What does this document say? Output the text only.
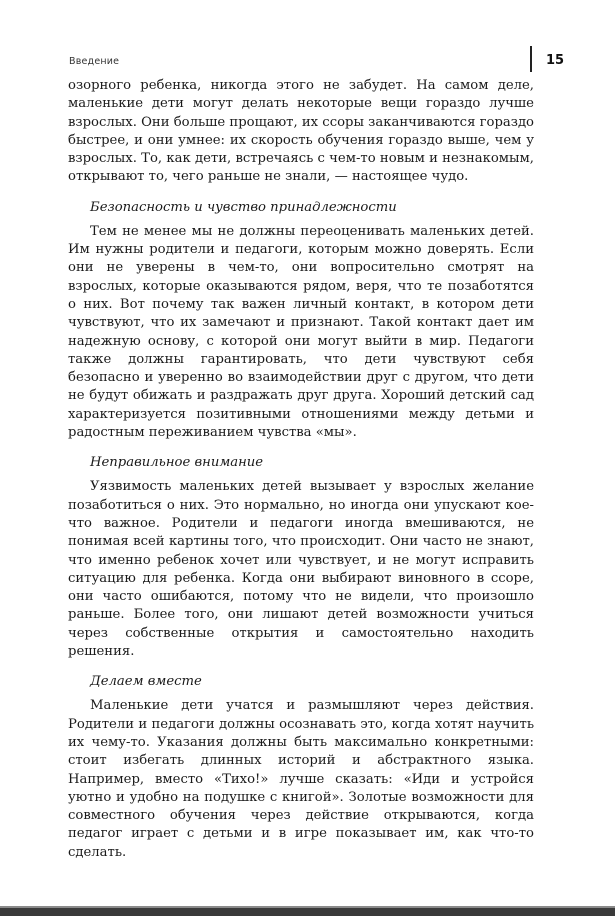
Введение	15

озорного ребенка, никогда этого не забудет. На самом деле, маленькие дети могут делать некоторые вещи гораздо лучше взрослых. Они больше прощают, их ссоры заканчиваются гораздо быстрее, и они умнее: их скорость обучения гораздо выше, чем у взрослых. То, как дети, встречаясь с чем-то новым и незнакомым, открывают то, чего раньше не знали, — настоящее чудо.

Безопасность и чувство принадлежности

Тем не менее мы не должны переоценивать маленьких детей. Им нужны родители и педагоги, которым можно доверять. Если они не уверены в чем-то, они вопросительно смотрят на взрослых, которые оказываются рядом, веря, что те позаботятся о них. Вот почему так важен личный контакт, в котором дети чувствуют, что их замечают и признают. Такой контакт дает им надежную основу, с которой они могут выйти в мир. Педагоги также должны гарантировать, что дети чувствуют себя безопасно и уверенно во взаимодействии друг с другом, что дети не будут обижать и раздражать друг друга. Хороший детский сад характеризуется позитивными отношениями между детьми и радостным переживанием чувства «мы».

Неправильное внимание

Уязвимость маленьких детей вызывает у взрослых желание позаботиться о них. Это нормально, но иногда они упускают кое-что важное. Родители и педагоги иногда вмешиваются, не понимая всей картины того, что происходит. Они часто не знают, что именно ребенок хочет или чувствует, и не могут исправить ситуацию для ребенка. Когда они выбирают виновного в ссоре, они часто ошибаются, потому что не видели, что произошло раньше. Более того, они лишают детей возможности учиться через собственные открытия и самостоятельно находить решения.

Делаем вместе

Маленькие дети учатся и размышляют через действия. Родители и педагоги должны осознавать это, когда хотят научить их чему-то. Указания должны быть максимально конкретными: стоит избегать длинных историй и абстрактного языка. Например, вместо «Тихо!» лучше сказать: «Иди и устройся уютно и удобно на подушке с книгой». Золотые возможности для совместного обучения через действие открываются, когда педагог играет с детьми и в игре показывает им, как что-то сделать.
